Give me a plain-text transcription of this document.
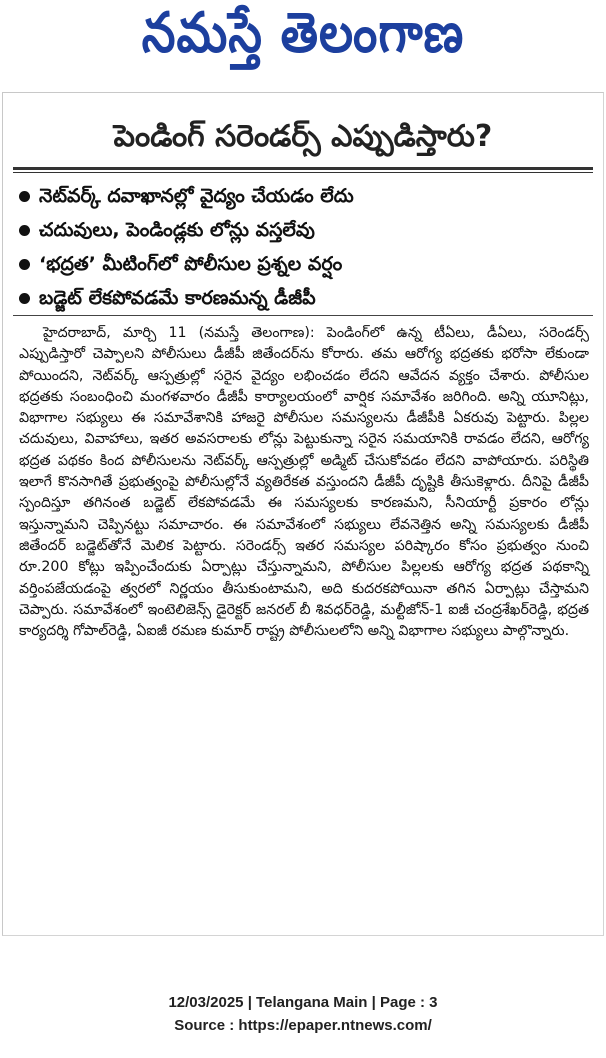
నమస్తే తెలంగాణ
పెండింగ్ సరెండర్స్ ఎప్పుడిస్తారు?
నెట్‌వర్క్ దవాఖానల్లో వైద్యం చేయడం లేదు
చదువులు, పెండిండ్లకు లోన్లు వస్తలేవు
‘భద్రత’ మీటింగ్‌లో పోలీసుల ప్రశ్నల వర్షం
బడ్జెట్ లేకపోవడమే కారణమన్న డీజీపీ
హైదరాబాద్, మార్చి 11 (నమస్తే తెలంగాణ): పెండింగ్‌లో ఉన్న టీఏలు, డీఏలు, సరెండర్స్ ఎప్పుడిస్తారో చెప్పాలని పోలీసులు డీజీపీ జితేందర్‌ను కోరారు. తమ ఆరోగ్య భద్రతకు భరోసా లేకుండా పోయిందని, నెట్‌వర్క్ ఆస్పత్రుల్లో సరైన వైద్యం లభించడం లేదని ఆవేదన వ్యక్తం చేశారు. పోలీసుల భద్రతకు సంబంధించి మంగళవారం డీజీపీ కార్యాలయంలో వార్షిక సమావేశం జరిగింది. అన్ని యూనిట్లు, విభాగాల సభ్యులు ఈ సమావేశానికి హాజరై పోలీసుల సమస్యలను డీజీపీకి ఏకరువు పెట్టారు. పిల్లల చదువులు, వివాహాలు, ఇతర అవసరాలకు లోన్లు పెట్టుకున్నా సరైన సమయానికి రావడం లేదని, ఆరోగ్య భద్రత పథకం కింద పోలీసులను నెట్‌వర్క్ ఆస్పత్రుల్లో అడ్మిట్ చేసుకోవడం లేదని వాపోయారు. పరిస్థితి ఇలాగే కొనసాగితే ప్రభుత్వంపై పోలీసుల్లోనే వ్యతిరేకత వస్తుందని డీజీపీ దృష్టికి తీసుకెళ్లారు. దీనిపై డీజీపీ స్పందిస్తూ తగినంత బడ్జెట్ లేకపోవడమే ఈ సమస్యలకు కారణమని, సీనియార్టీ ప్రకారం లోన్లు ఇస్తున్నామని చెప్పినట్టు సమాచారం. ఈ సమావేశంలో సభ్యులు లేవనెత్తిన అన్ని సమస్యలకు డీజీపీ జితేందర్ బడ్జెట్‌తోనే మెలిక పెట్టారు. సరెండర్స్ ఇతర సమస్యల పరిష్కారం కోసం ప్రభుత్వం నుంచి రూ.200 కోట్లు ఇప్పించేందుకు ఏర్పాట్లు చేస్తున్నామని, పోలీసుల పిల్లలకు ఆరోగ్య భద్రత పథకాన్ని వర్తింపజేయడంపై త్వరలో నిర్ణయం తీసుకుంటామని, అది కుదరకపోయినా తగిన ఏర్పాట్లు చేస్తామని చెప్పారు. సమావేశంలో ఇంటెలిజెన్స్ డైరెక్టర్ జనరల్ బీ శివధర్‌రెడ్డి, మల్టీజోన్-1 ఐజీ చంద్రశేఖర్‌రెడ్డి, భద్రత కార్యదర్శి గోపాల్‌రెడ్డి, ఏఐజీ రమణ కుమార్ రాష్ట్ర పోలీసులలోని అన్ని విభాగాల సభ్యులు పాల్గొన్నారు.
12/03/2025 | Telangana Main | Page : 3
Source : https://epaper.ntnews.com/
